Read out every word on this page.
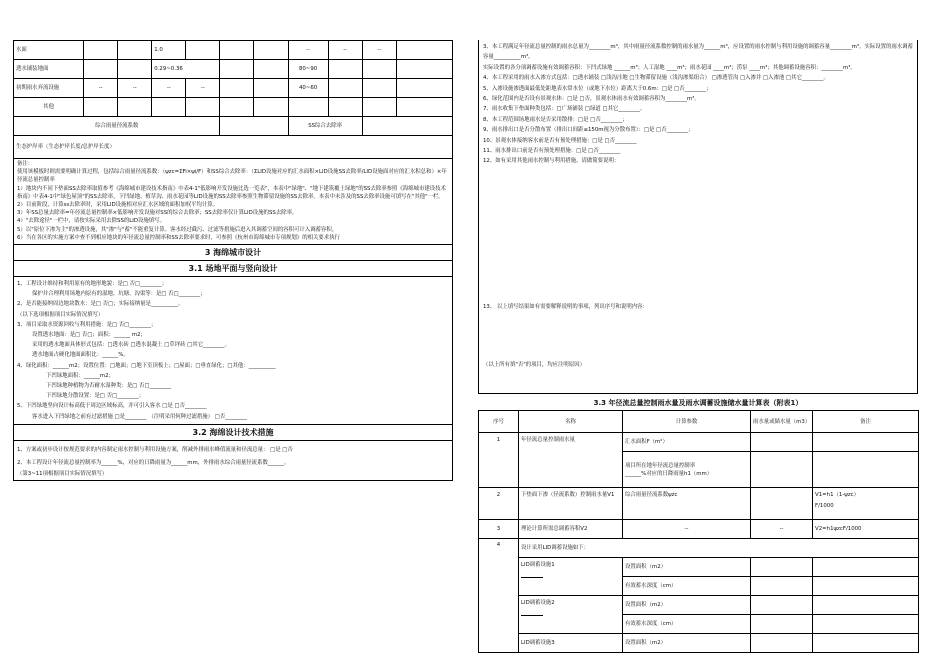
水面			1.0				--	--	--	
透水铺装地面			0.29~0.36				80~90			
初期雨水弃流设施	--	--	--	--			40~60			
其他										
综合雨量径流系数							SS综合去除率			
生态护岸率（生态护岸长度/总护岸长度）										
备注：
使用该模板时则需要明确计算过程，包括综合雨量径流系数：（ψzc=ΣFi×ψi/F）和SS综合去除率：（ΣLID设施对应的汇水面积×LID设施SS去除率/LID设施面对应的汇水积总和）×年径流总量控制率
1）地块内不同下垫面SS去除率取值参考《海绵城市建设技术指南》中表4-1"低影响开发设施比选一览表"，本表中"绿地"、"地下建筑覆土绿地"的SS去除率参照《海绵城市建设技术指南》中表4-1中"绿色屋顶"的SS去除率，下凹绿地、植草沟、雨水花园等LID设施的SS去除率参照生物滞留设施的SS去除率。本表中未涉及的SS去除率设施可填写在"其他"一栏。
2）目前阶段，计算ss去除率时，采用LID设施相对应汇水区域的面积加权平均计算。
3）年SS总量去除率=年径流总量控制率×低影响开发设施对SS的综合去除率；SS去除率仅计算LID设施的SS去除率。
4）"去除途径"一栏中，请按实际采用去除SS的LID设施填写。
5）以"原位下渗为主"的渗透设施，其"渗"与"蓄"不能重复计算。客水经过截污、过滤等措施后进入其调蓄空间的容积可计入调蓄容积。
6）当在各区的实施方案中查不到相应地块的年径流总量控制率和SS去除率要求时，可参照《杭州市海绵城市专项规划》的相关要求执行
3 海绵城市设计
3.1 场地平面与竖向设计
1、工程设计维持和利用原有的地形地貌：是□ 否□________；
保护并合理利用场地内原有的湿地、坑塘、沟渠等：是□ 否□________；
2、是否能接纳周边地块散水：是□ 否□；实际接纳量是__________。
（以下选项根据项目实际情况填写）
3、项目采取水资源回收与利用措施：是□ 否□________；
设置透水地面：是□ 否□；面积：______ m2；
采用的透水地面具体形式包括：□透水砖 □透水混凝土 □草坪砖 □其它________。
透水地面占硬化地面面积比：______%。
4、绿化面积：______m2；设置位置：□地面；□地下室顶板上；□屋面；□垂直绿化；□其他：__________
下凹绿地面积：______m2；
下凹绿地种植物为否耐水湿种类：是□ 否□________
下凹绿地分散设置：是□ 否□________；
5、下凹绿地坚向设计标高低于周边区域标高，并可引入客水 □是 □否________
客水进入下凹绿地之前有过滤措施 □是________ （注明采用何种过滤措施） □否________
3.2 海绵设计技术措施
1、方案或初步设计按规范要求的内容制定雨水控制与利用设施方案，削减外排雨水峰值流量和径流总量： □是 □否
2、本工程设计年径流总量控制率为______%，对应的日降雨量为______mm，外排雨水综合雨量径流系数______。
（第3~11项根据项目实际情况填写）
3、本工程满足年径流总量控制的雨水总量为________m³，其中雨量径流系数控制的雨水量为______m³，应设置的雨水控制与利用设施的调蓄容量________m³。实际设置的雨水调蓄容量__________m³。
实际设置的各分项调蓄设施有效调蓄容积：下凹式绿地 ______m³；人工湿地 ____m³；雨水花园 ____m³；涝泵 ____m³；其他调蓄设施容积：________m³。
4、本工程采用的雨水入渗方式包括：□透水铺装 □浅沟洼地 □生物滞留设施（浅沟渗渠组合） □渗透管沟 □入渗井 □入渗池 □其它________。
5、入渗设施渗透面最低处距地表水常水位（或地下水位）距离大于0.6m：□是 □否________；
6、绿化范围内是否设有景观水体：□是 □否，景观水体雨水有效调蓄容积为________m³。
7、雨水收集下垫面种类包括：□广场铺装 □绿道 □其它________。
8、本工程范围场地雨水是否采用散排：□是 □否________；
9、雨水排出口是否分散布置（排出口间距≤150m视为分散布置）：□是 □否________；
10、景观水体接纳客水前是否有预处理措施：□是 □否________
11、雨水排出口前是否有预处理措施：□是 □否________
12、如有采用其他雨水控制与利用措施，请做简要说明：
13、 以上填写结果如有需要解释说明的事项，列出序号和说明内容：
（以上所有填"否"的项目，均应注明原因）
3.3 年径流总量控制雨水量及雨水调蓄设施储水量计算表（附表1）
序号	名称	计算参数	雨水量或储水量（m3）	备注
1	年径流总量控制雨水量	汇水面积F（m²）		
		项目所在地年径流总量控制率______%对应的日降雨量h1（mm）		
2	下垫面下渗（径流系数）控制雨水量V1	综合雨量径流系数ψzc		V1=h1（1-ψzc）
F/1000

3	理论计算所需总调蓄容积V2	--	--	V2=h1ψzcF/1000
4	设计采用LID调蓄设施如下：			
	LID调蓄设施1	设置面积（m2）		
		有效蓄水深度（cm）		
	LID调蓄设施2	设置面积（m2）		
		有效蓄水深度（cm）		
	LID调蓄设施3	设置面积（m2）		
